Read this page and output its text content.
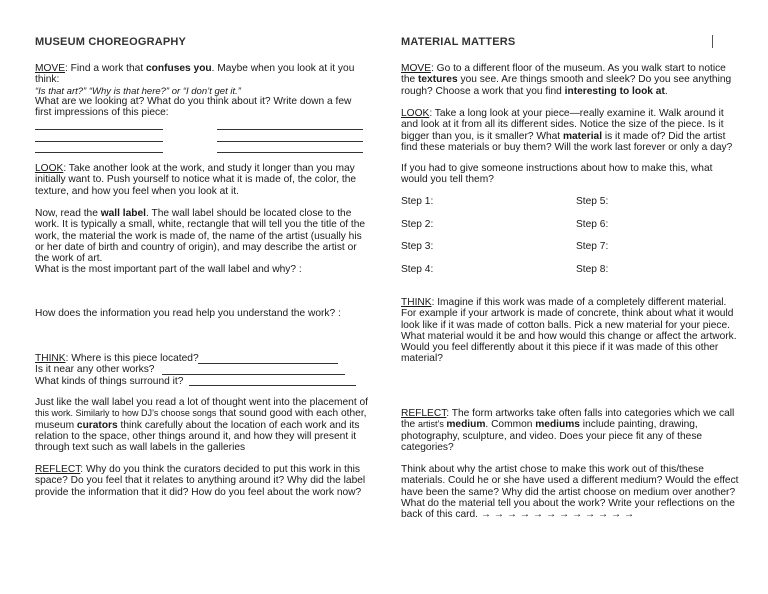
MUSEUM CHOREOGRAPHY

MOVE: Find a work that confuses you. Maybe when you look at it you think:
“Is that art?” “Why is that here?” or “I don’t get it.”

What are we looking at? What do you think about it? Write down a few first impressions of this piece:

LOOK: Take another look at the work, and study it longer than you may initially want to. Push yourself to notice what it is made of, the color, the texture, and how you feel when you look at it.

Now, read the wall label. The wall label should be located close to the work. It is typically a small, white, rectangle that will tell you the title of the work, the material the work is made of, the name of the artist (usually his or her date of birth and country of origin), and may describe the artist or the work of art.

What is the most important part of the wall label and why? :

How does the information you read help you understand the work? :

THINK: Where is this piece located?
Is it near any other works?
What kinds of things surround it?

Just like the wall label you read a lot of thought went into the placement of this work. Similarly to how DJ’s choose songs that sound good with each other, museum curators think carefully about the location of each work and its relation to the space, other things around it, and how they will present it through text such as wall labels in the galleries

REFLECT: Why do you think the curators decided to put this work in this space? Do you feel that it relates to anything around it? Why did the label provide the information that it did? How do you feel about the work now?

MATERIAL MATTERS

MOVE: Go to a different floor of the museum. As you walk start to notice the textures you see. Are things smooth and sleek? Do you see anything rough? Choose a work that you find interesting to look at.

LOOK: Take a long look at your piece—really examine it. Walk around it and look at it from all its different sides. Notice the size of the piece. Is it bigger than you, is it smaller? What material is it made of? Did the artist find these materials or buy them? Will the work last forever or only a day?

If you had to give someone instructions about how to make this, what would you tell them?

Step 1:	Step 5:
Step 2:	Step 6:
Step 3:	Step 7:
Step 4:	Step 8:

THINK: Imagine if this work was made of a completely different material. For example if your artwork is made of concrete, think about what it would look like if it was made of cotton balls. Pick a new material for your piece. What material would it be and how would this change or affect the artwork. Would you feel differently about it this piece if it was made of this other material?

REFLECT: The form artworks take often falls into categories which we call the artist’s medium. Common mediums include painting, drawing, photography, sculpture, and video. Does your piece fit any of these categories?

Think about why the artist chose to make this work out of this/these materials. Could he or she have used a different medium? Would the effect have been the same? Why did the artist choose on medium over another? What do the material tell you about the work? Write your reflections on the back of this card. → → → → → → → → → → → →
